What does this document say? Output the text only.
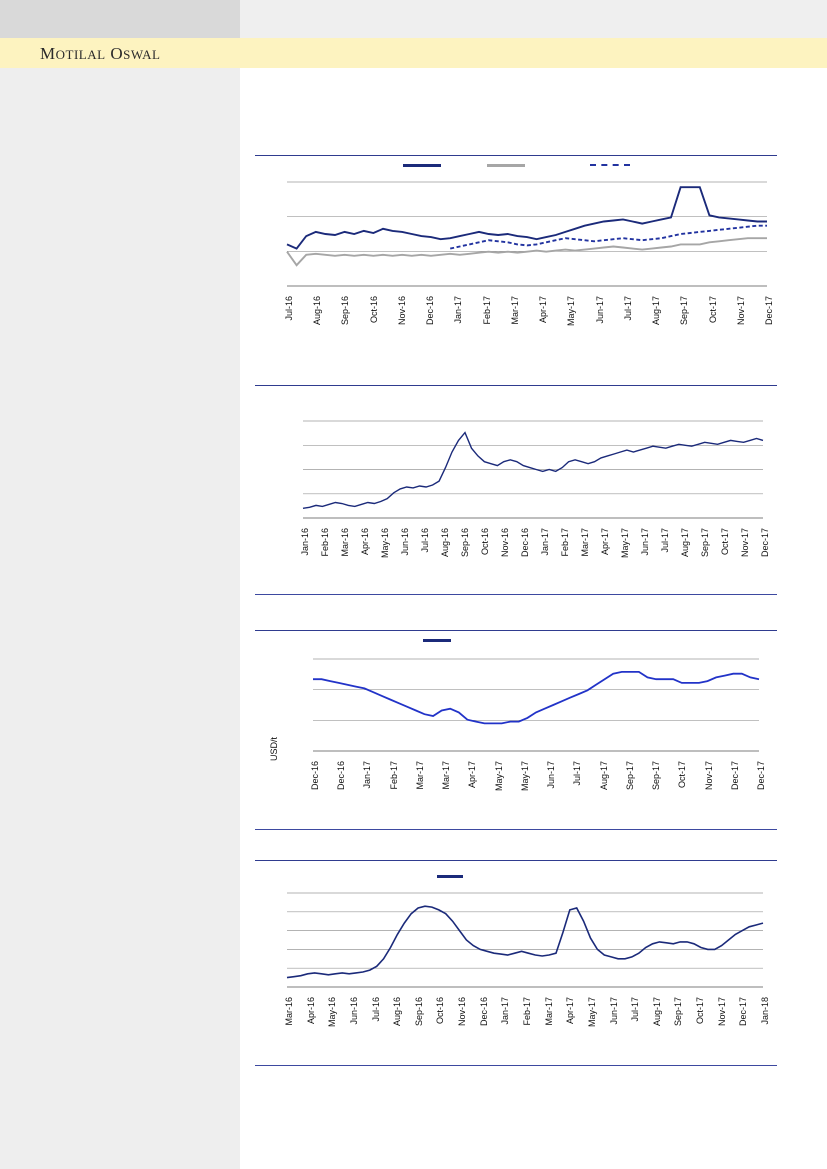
MOTILAL OSWAL
Jul-16 Aug-16 Sep-16 Oct-16 Nov-16 Dec-16 Jan-17 Feb-17 Mar-17 Apr-17 May-17 Jun-17 Jul-17 Aug-17 Sep-17 Oct-17 Nov-17 Dec-17
Jan-16 Feb-16 Mar-16 Apr-16 May-16 Jun-16 Jul-16 Aug-16 Sep-16 Oct-16 Nov-16 Dec-16 Jan-17 Feb-17 Mar-17 Apr-17 May-17 Jun-17 Jul-17 Aug-17 Sep-17 Oct-17 Nov-17 Dec-17
USD/t
Dec-16 Dec-16 Jan-17 Feb-17 Mar-17 Mar-17 Apr-17 May-17 May-17 Jun-17 Jul-17 Aug-17 Sep-17 Sep-17 Oct-17 Nov-17 Dec-17 Dec-17
Mar-16 Apr-16 May-16 Jun-16 Jul-16 Aug-16 Sep-16 Oct-16 Nov-16 Dec-16 Jan-17 Feb-17 Mar-17 Apr-17 May-17 Jun-17 Jul-17 Aug-17 Sep-17 Oct-17 Nov-17 Dec-17 Jan-18
